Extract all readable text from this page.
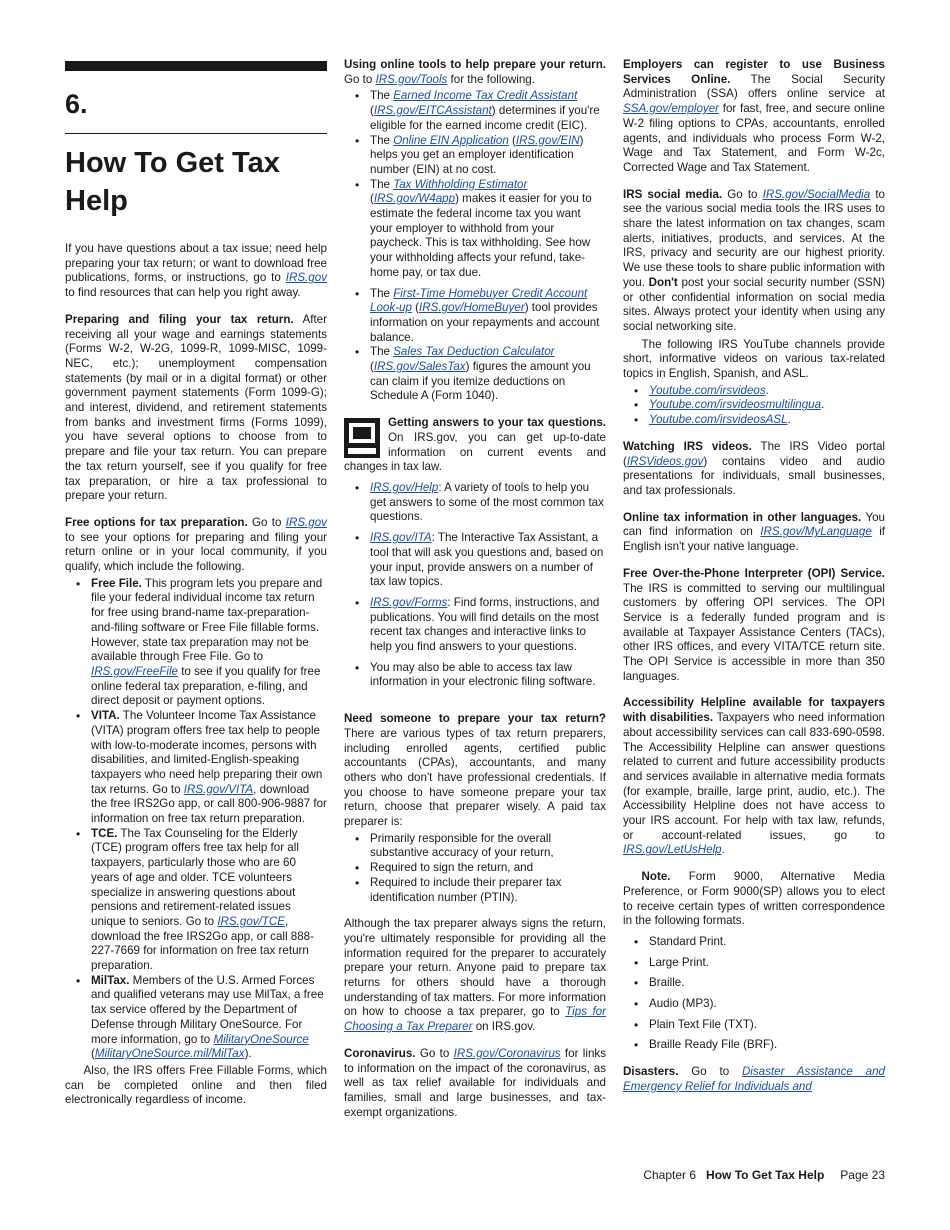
6.
How To Get Tax Help

If you have questions about a tax issue; need help preparing your tax return; or want to download free publications, forms, or instructions, go to IRS.gov to find resources that can help you right away.

Preparing and filing your tax return. After receiving all your wage and earnings statements (Forms W-2, W-2G, 1099-R, 1099-MISC, 1099-NEC, etc.); unemployment compensation statements (by mail or in a digital format) or other government payment statements (Form 1099-G); and interest, dividend, and retirement statements from banks and investment firms (Forms 1099), you have several options to choose from to prepare and file your tax return. You can prepare the tax return yourself, see if you qualify for free tax preparation, or hire a tax professional to prepare your return.

Free options for tax preparation. Go to IRS.gov to see your options for preparing and filing your return online or in your local community, if you qualify, which include the following.

• Free File. This program lets you prepare and file your federal individual income tax return for free using brand-name tax-preparation-and-filing software or Free File fillable forms. However, state tax preparation may not be available through Free File. Go to IRS.gov/FreeFile to see if you qualify for free online federal tax preparation, e-filing, and direct deposit or payment options.
• VITA. The Volunteer Income Tax Assistance (VITA) program offers free tax help to people with low-to-moderate incomes, persons with disabilities, and limited-English-speaking taxpayers who need help preparing their own tax returns. Go to IRS.gov/VITA, download the free IRS2Go app, or call 800-906-9887 for information on free tax return preparation.
• TCE. The Tax Counseling for the Elderly (TCE) program offers free tax help for all taxpayers, particularly those who are 60 years of age and older. TCE volunteers specialize in answering questions about pensions and retirement-related issues unique to seniors. Go to IRS.gov/TCE, download the free IRS2Go app, or call 888-227-7669 for information on free tax return preparation.
• MilTax. Members of the U.S. Armed Forces and qualified veterans may use MilTax, a free tax service offered by the Department of Defense through Military OneSource. For more information, go to MilitaryOneSource (MilitaryOneSource.mil/MilTax).

Also, the IRS offers Free Fillable Forms, which can be completed online and then filed electronically regardless of income.

Using online tools to help prepare your return. Go to IRS.gov/Tools for the following.

• The Earned Income Tax Credit Assistant (IRS.gov/EITCAssistant) determines if you're eligible for the earned income credit (EIC).
• The Online EIN Application (IRS.gov/EIN) helps you get an employer identification number (EIN) at no cost.
• The Tax Withholding Estimator (IRS.gov/W4app) makes it easier for you to estimate the federal income tax you want your employer to withhold from your paycheck. This is tax withholding. See how your withholding affects your refund, take-home pay, or tax due.
• The First-Time Homebuyer Credit Account Look-up (IRS.gov/HomeBuyer) tool provides information on your repayments and account balance.
• The Sales Tax Deduction Calculator (IRS.gov/SalesTax) figures the amount you can claim if you itemize deductions on Schedule A (Form 1040).

Getting answers to your tax questions. On IRS.gov, you can get up-to-date information on current events and changes in tax law.

• IRS.gov/Help: A variety of tools to help you get answers to some of the most common tax questions.
• IRS.gov/ITA: The Interactive Tax Assistant, a tool that will ask you questions and, based on your input, provide answers on a number of tax law topics.
• IRS.gov/Forms: Find forms, instructions, and publications. You will find details on the most recent tax changes and interactive links to help you find answers to your questions.
• You may also be able to access tax law information in your electronic filing software.

Need someone to prepare your tax return? There are various types of tax return preparers, including enrolled agents, certified public accountants (CPAs), accountants, and many others who don't have professional credentials. If you choose to have someone prepare your tax return, choose that preparer wisely. A paid tax preparer is:

• Primarily responsible for the overall substantive accuracy of your return,
• Required to sign the return, and
• Required to include their preparer tax identification number (PTIN).

Although the tax preparer always signs the return, you're ultimately responsible for providing all the information required for the preparer to accurately prepare your return. Anyone paid to prepare tax returns for others should have a thorough understanding of tax matters. For more information on how to choose a tax preparer, go to Tips for Choosing a Tax Preparer on IRS.gov.

Coronavirus. Go to IRS.gov/Coronavirus for links to information on the impact of the coronavirus, as well as tax relief available for individuals and families, small and large businesses, and tax-exempt organizations.

Employers can register to use Business Services Online. The Social Security Administration (SSA) offers online service at SSA.gov/employer for fast, free, and secure online W-2 filing options to CPAs, accountants, enrolled agents, and individuals who process Form W-2, Wage and Tax Statement, and Form W-2c, Corrected Wage and Tax Statement.

IRS social media. Go to IRS.gov/SocialMedia to see the various social media tools the IRS uses to share the latest information on tax changes, scam alerts, initiatives, products, and services. At the IRS, privacy and security are our highest priority. We use these tools to share public information with you. Don't post your social security number (SSN) or other confidential information on social media sites. Always protect your identity when using any social networking site.

The following IRS YouTube channels provide short, informative videos on various tax-related topics in English, Spanish, and ASL.

• Youtube.com/irsvideos.
• Youtube.com/irsvideosmultilingua.
• Youtube.com/irsvideosASL.

Watching IRS videos. The IRS Video portal (IRSVideos.gov) contains video and audio presentations for individuals, small businesses, and tax professionals.

Online tax information in other languages. You can find information on IRS.gov/MyLanguage if English isn't your native language.

Free Over-the-Phone Interpreter (OPI) Service. The IRS is committed to serving our multilingual customers by offering OPI services. The OPI Service is a federally funded program and is available at Taxpayer Assistance Centers (TACs), other IRS offices, and every VITA/TCE return site. The OPI Service is accessible in more than 350 languages.

Accessibility Helpline available for taxpayers with disabilities. Taxpayers who need information about accessibility services can call 833-690-0598. The Accessibility Helpline can answer questions related to current and future accessibility products and services available in alternative media formats (for example, braille, large print, audio, etc.). The Accessibility Helpline does not have access to your IRS account. For help with tax law, refunds, or account-related issues, go to IRS.gov/LetUsHelp.

Note. Form 9000, Alternative Media Preference, or Form 9000(SP) allows you to elect to receive certain types of written correspondence in the following formats.

• Standard Print.
• Large Print.
• Braille.
• Audio (MP3).
• Plain Text File (TXT).
• Braille Ready File (BRF).

Disasters. Go to Disaster Assistance and Emergency Relief for Individuals and

Chapter 6 How To Get Tax Help Page 23
